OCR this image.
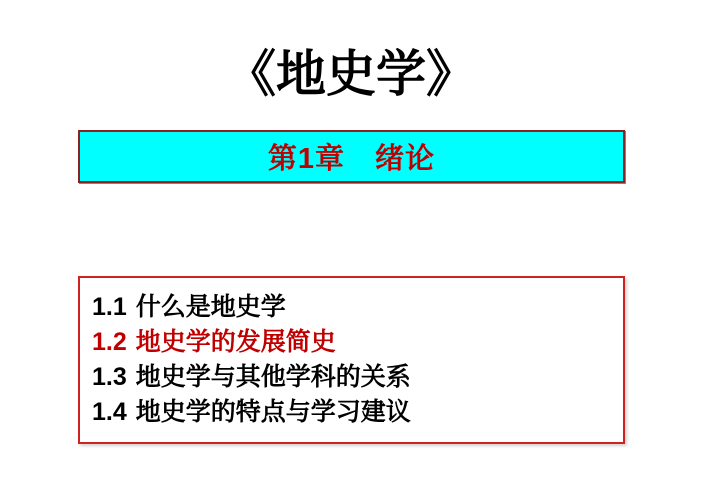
《地史学》
第1章　绪论
1.1 什么是地史学
1.2 地史学的发展简史
1.3 地史学与其他学科的关系
1.4 地史学的特点与学习建议
